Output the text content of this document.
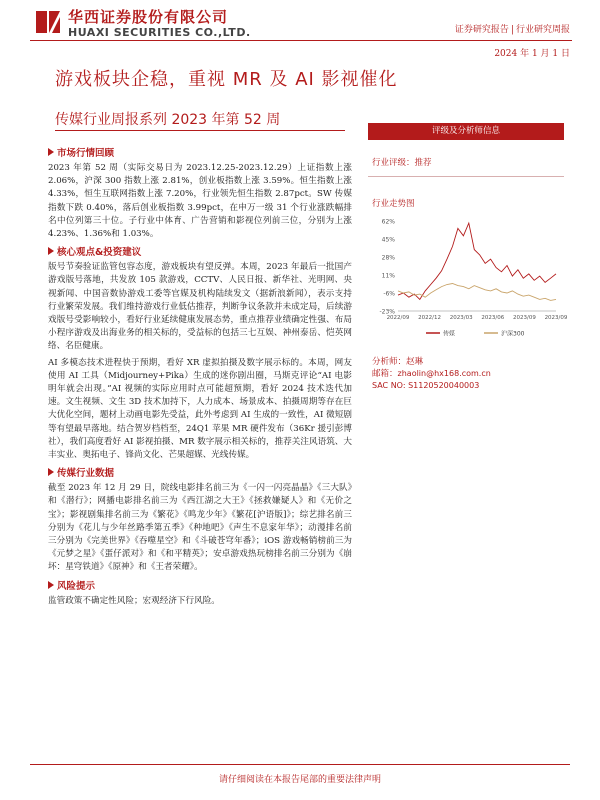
华西证券股份有限公司
HUAXI SECURITIES CO.,LTD.	证券研究报告 | 行业研究周报
2024 年 1 月 1 日
游戏板块企稳，重视 MR 及 AI 影视催化
传媒行业周报系列 2023 年第 52 周
市场行情回顾

2023 年第 52 周（实际交易日为 2023.12.25-2023.12.29）上证指数上涨 2.06%，沪深 300 指数上涨 2.81%，创业板指数上涨 3.59%。恒生指数上涨 4.33%，恒生互联网指数上涨 7.20%，行业领先恒生指数 2.87pct。SW 传媒指数下跌 0.40%，落后创业板指数 3.99pct，在申万一级 31 个行业涨跌幅排名中位列第三十位。子行业中体育、广告营销和影视位列前三位，分别为上涨 4.23%、1.36%和 1.03%。

核心观点&投资建议

版号节奏验证监管包容态度，游戏板块有望反弹。本周，2023 年最后一批国产游戏版号落地，共发放 105 款游戏，CCTV、人民日报、新华社、光明网、央视新闻、中国音数协游戏工委等官媒及机构陆续发文（据新浪新闻），表示支持行业繁荣发展。我们维持游戏行业低估推荐，判断争议条款并未成定局，后续游戏版号受影响较小，看好行业延续健康发展态势，重点推荐业绩确定性强、布局小程序游戏及出海业务的相关标的，受益标的包括三七互娱、神州泰岳、恺英网络、名臣健康。

AI 多模态技术进程快于预期，看好 XR 虚拟拍摄及数字展示标的。本周，网友使用 AI 工具（Midjourney+Pika）生成的迷你剧出圈，马斯克评论“AI 电影明年就会出现。”AI 视频的实际应用时点可能超预期，看好 2024 技术迭代加速。文生视频、文生 3D 技术加持下，人力成本、场景成本、拍摄周期等存在巨大优化空间，题材上动画电影先受益，此外考虑到 AI 生成的一致性，AI 微短剧等有望最早落地。结合贺岁档档至，24Q1 苹果 MR 硬件发布（36Kr 援引彭博社），我们高度看好 AI 影视拍摄、MR 数字展示相关标的，推荐关注风语筑、大丰实业、奥拓电子、锋尚文化、芒果超媒、光线传媒。

传媒行业数据

截至 2023 年 12 月 29 日，院线电影排名前三为《一闪一闪亮晶晶》《三大队》和《潜行》；网播电影排名前三为《西江湖之大王》《拯救嫌疑人》和《无价之宝》；影视剧集排名前三为《繁花》《鸣龙少年》《繁花[沪语版]》；综艺排名前三分别为《花儿与少年丝路季第五季》《种地吧》《声生不息家年华》；动漫排名前三分别为《完美世界》《吞噬星空》和《斗破苍穹年番》；iOS 游戏畅销榜前三为《元梦之星》《蛋仔派对》和《和平精英》；安卓游戏热玩榜排名前三分别为《崩坏：星穹铁道》《原神》和《王者荣耀》。

风险提示

监管政策不确定性风险；宏观经济下行风险。

评级及分析师信息
行业评级：推荐
行业走势图
62%
45%
28%
11%
-6%
-23%
2022/09 2022/12 2023/03 2023/06 2023/09 2023/09
传媒	沪深300
分析师：赵琳
邮箱：zhaolin@hx168.com.cn
SAC NO: S1120520040003
请仔细阅读在本报告尾部的重要法律声明
